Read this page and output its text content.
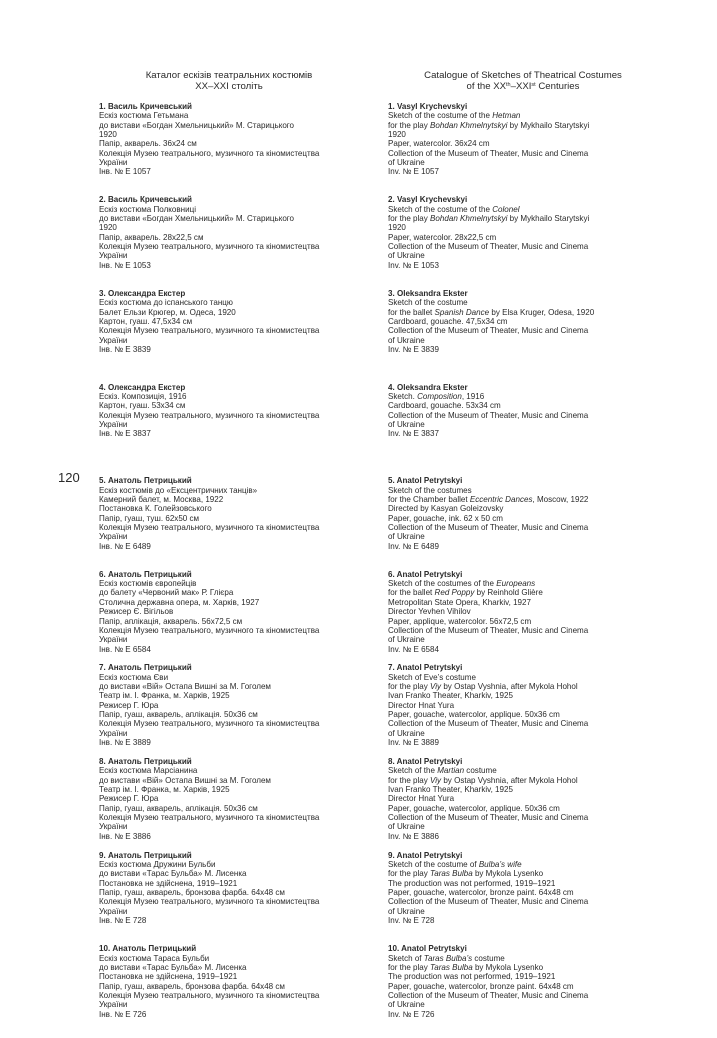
120
Каталог ескізів театральних костюмів
XX–XXI століть
1. Василь Кричевський
Ескіз костюма Гетьмана
до вистави «Богдан Хмельницький» М. Старицького
1920
Папір, акварель. 36х24 см
Колекція Музею театрального, музичного та кіномистецтва
України
Інв. № Е 1057
2. Василь Кричевський
Ескіз костюма Полковниці
до вистави «Богдан Хмельницький» М. Старицького
1920
Папір, акварель. 28х22,5 см
Колекція Музею театрального, музичного та кіномистецтва
України
Інв. № Е 1053
3. Олександра Екстер
Ескіз костюма до іспанського танцю
Балет Ельзи Крюгер, м. Одеса, 1920
Картон, гуаш. 47,5х34 см
Колекція Музею театрального, музичного та кіномистецтва
України
Інв. № Е 3839
4. Олександра Екстер
Ескіз. Композиція, 1916
Картон, гуаш. 53х34 см
Колекція Музею театрального, музичного та кіномистецтва
України
Інв. № Е 3837
5. Анатоль Петрицький
Ескіз костюмів до «Ексцентричних танців»
Камерний балет, м. Москва, 1922
Постановка К. Голейзовського
Папір, гуаш, туш. 62х50 см
Колекція Музею театрального, музичного та кіномистецтва
України
Інв. № Е 6489
6. Анатоль Петрицький
Ескіз костюмів європейців
до балету «Червоний мак» Р. Глієра
Столична державна опера, м. Харків, 1927
Режисер Є. Вігільов
Папір, аплікація, акварель. 56х72,5 см
Колекція Музею театрального, музичного та кіномистецтва
України
Інв. № Е 6584
7. Анатоль Петрицький
Ескіз костюма Єви
до вистави «Вій» Остапа Вишні за М. Гоголем
Театр ім. І. Франка, м. Харків, 1925
Режисер Г. Юра
Папір, гуаш, акварель, аплікація. 50х36 см
Колекція Музею театрального, музичного та кіномистецтва
України
Інв. № Е 3889
8. Анатоль Петрицький
Ескіз костюма Марсіанина
до вистави «Вій» Остапа Вишні за М. Гоголем
Театр ім. І. Франка, м. Харків, 1925
Режисер Г. Юра
Папір, гуаш, акварель, аплікація. 50х36 см
Колекція Музею театрального, музичного та кіномистецтва
України
Інв. № Е 3886
9. Анатоль Петрицький
Ескіз костюма Дружини Бульби
до вистави «Тарас Бульба» М. Лисенка
Постановка не здійснена, 1919–1921
Папір, гуаш, акварель, бронзова фарба. 64х48 см
Колекція Музею театрального, музичного та кіномистецтва
України
Інв. № Е 728
10. Анатоль Петрицький
Ескіз костюма Тараса Бульби
до вистави «Тарас Бульба» М. Лисенка
Постановка не здійснена, 1919–1921
Папір, гуаш, акварель, бронзова фарба. 64х48 см
Колекція Музею театрального, музичного та кіномистецтва
України
Інв. № Е 726
Catalogue of Sketches of Theatrical Costumes
of the XXth–XXIst Centuries
1. Vasyl Krychevskyi
Sketch of the costume of the Hetman
for the play Bohdan Khmelnytskyi by Mykhailo Starytskyi
1920
Paper, watercolor. 36x24 cm
Collection of the Museum of Theater, Music and Cinema
of Ukraine
Inv. № E 1057
2. Vasyl Krychevskyi
Sketch of the costume of the Colonel
for the play Bohdan Khmelnytskyi by Mykhailo Starytskyi
1920
Paper, watercolor. 28x22,5 cm
Collection of the Museum of Theater, Music and Cinema
of Ukraine
Inv. № E 1053
3. Oleksandra Ekster
Sketch of the costume
for the ballet Spanish Dance by Elsa Kruger, Odesa, 1920
Cardboard, gouache. 47,5x34 cm
Collection of the Museum of Theater, Music and Cinema
of Ukraine
Inv. № E 3839
4. Oleksandra Ekster
Sketch. Composition, 1916
Cardboard, gouache. 53x34 cm
Collection of the Museum of Theater, Music and Cinema
of Ukraine
Inv. № E 3837
5. Anatol Petrytskyi
Sketch of the costumes
for the Chamber ballet Eccentric Dances, Moscow, 1922
Directed by Kasyan Goleizovsky
Paper, gouache, ink. 62 x 50 cm
Collection of the Museum of Theater, Music and Cinema
of Ukraine
Inv. № E 6489
6. Anatol Petrytskyi
Sketch of the costumes of the Europeans
for the ballet Red Poppy by Reinhold Glière
Metropolitan State Opera, Kharkiv, 1927
Director Yevhen Vihilov
Paper, applique, watercolor. 56x72,5 cm
Collection of the Museum of Theater, Music and Cinema
of Ukraine
Inv. № E 6584
7. Anatol Petrytskyi
Sketch of Eve’s costume
for the play Viy by Ostap Vyshnia, after Mykola Hohol
Ivan Franko Theater, Kharkiv, 1925
Director Hnat Yura
Paper, gouache, watercolor, applique. 50x36 cm
Collection of the Museum of Theater, Music and Cinema
of Ukraine
Inv. № E 3889
8. Anatol Petrytskyi
Sketch of the Martian costume
for the play Viy by Ostap Vyshnia, after Mykola Hohol
Ivan Franko Theater, Kharkiv, 1925
Director Hnat Yura
Paper, gouache, watercolor, applique. 50x36 cm
Collection of the Museum of Theater, Music and Cinema
of Ukraine
Inv. № E 3886
9. Anatol Petrytskyi
Sketch of the costume of Bulba’s wife
for the play Taras Bulba by Mykola Lysenko
The production was not performed, 1919–1921
Paper, gouache, watercolor, bronze paint. 64x48 cm
Collection of the Museum of Theater, Music and Cinema
of Ukraine
Inv. № E 728
10. Anatol Petrytskyi
Sketch of Taras Bulba’s costume
for the play Taras Bulba by Mykola Lysenko
The production was not performed, 1919–1921
Paper, gouache, watercolor, bronze paint. 64x48 cm
Collection of the Museum of Theater, Music and Cinema
of Ukraine
Inv. № E 726
